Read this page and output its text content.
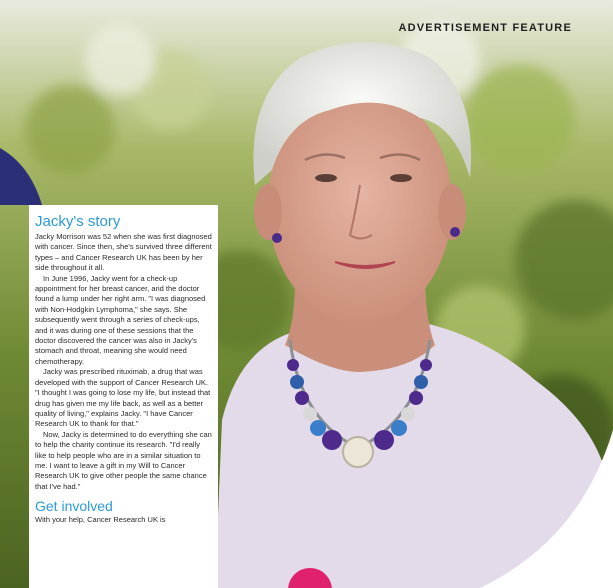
ADVERTISEMENT FEATURE
Jacky's story

Jacky Morrison was 52 when she was first diagnosed with cancer. Since then, she's survived three different types – and Cancer Research UK has been by her side throughout it all.

In June 1996, Jacky went for a check-up appointment for her breast cancer, and the doctor found a lump under her right arm. "I was diagnosed with Non-Hodgkin Lymphoma," she says. She subsequently went through a series of check-ups, and it was during one of these sessions that the doctor discovered the cancer was also in Jacky's stomach and throat, meaning she would need chemotherapy.

Jacky was prescribed rituximab, a drug that was developed with the support of Cancer Research UK. "I thought I was going to lose my life, but instead that drug has given me my life back, as well as a better quality of living," explains Jacky. "I have Cancer Research UK to thank for that."

Now, Jacky is determined to do everything she can to help the charity continue its research. "I'd really like to help people who are in a similar situation to me. I want to leave a gift in my Will to Cancer Research UK to give other people the same chance that I've had."

Get involved

With your help, Cancer Research UK is
